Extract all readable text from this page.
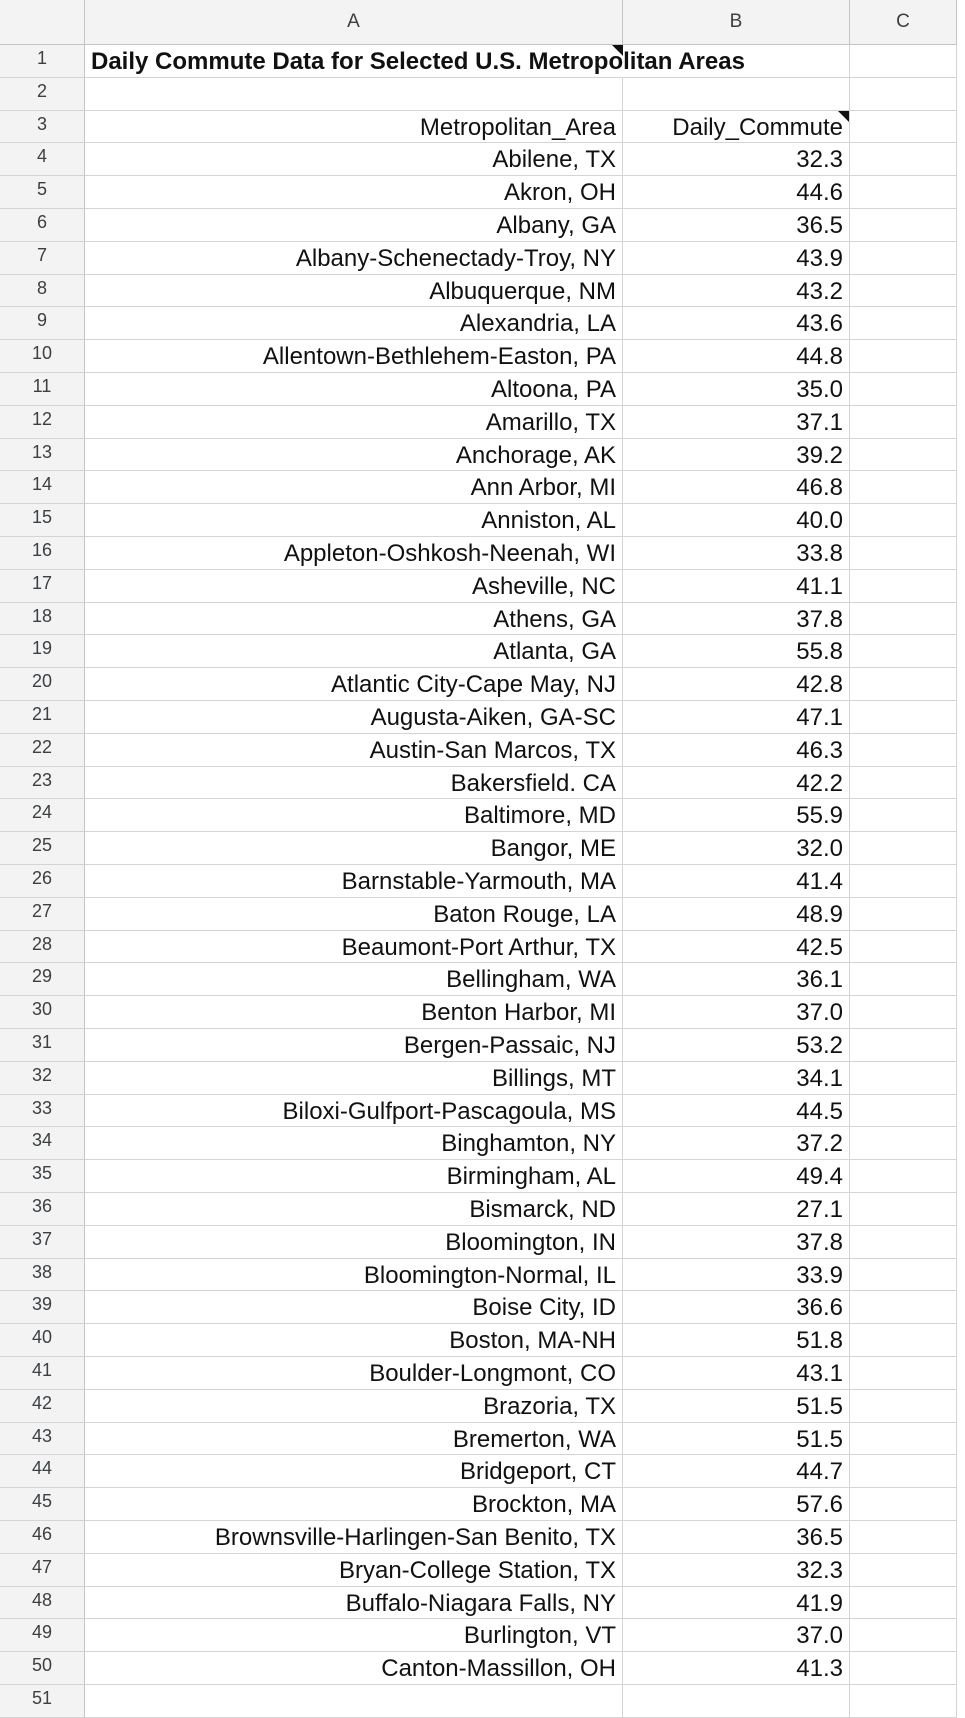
A	B	C
1	Daily Commute Data for Selected U.S. Metropolitan Areas
2
3	Metropolitan_Area	Daily_Commute
4	Abilene, TX	32.3
5	Akron, OH	44.6
6	Albany, GA	36.5
7	Albany-Schenectady-Troy, NY	43.9
8	Albuquerque, NM	43.2
9	Alexandria, LA	43.6
10	Allentown-Bethlehem-Easton, PA	44.8
11	Altoona, PA	35.0
12	Amarillo, TX	37.1
13	Anchorage, AK	39.2
14	Ann Arbor, MI	46.8
15	Anniston, AL	40.0
16	Appleton-Oshkosh-Neenah, WI	33.8
17	Asheville, NC	41.1
18	Athens, GA	37.8
19	Atlanta, GA	55.8
20	Atlantic City-Cape May, NJ	42.8
21	Augusta-Aiken, GA-SC	47.1
22	Austin-San Marcos, TX	46.3
23	Bakersfield. CA	42.2
24	Baltimore, MD	55.9
25	Bangor, ME	32.0
26	Barnstable-Yarmouth, MA	41.4
27	Baton Rouge, LA	48.9
28	Beaumont-Port Arthur, TX	42.5
29	Bellingham, WA	36.1
30	Benton Harbor, MI	37.0
31	Bergen-Passaic, NJ	53.2
32	Billings, MT	34.1
33	Biloxi-Gulfport-Pascagoula, MS	44.5
34	Binghamton, NY	37.2
35	Birmingham, AL	49.4
36	Bismarck, ND	27.1
37	Bloomington, IN	37.8
38	Bloomington-Normal, IL	33.9
39	Boise City, ID	36.6
40	Boston, MA-NH	51.8
41	Boulder-Longmont, CO	43.1
42	Brazoria, TX	51.5
43	Bremerton, WA	51.5
44	Bridgeport, CT	44.7
45	Brockton, MA	57.6
46	Brownsville-Harlingen-San Benito, TX	36.5
47	Bryan-College Station, TX	32.3
48	Buffalo-Niagara Falls, NY	41.9
49	Burlington, VT	37.0
50	Canton-Massillon, OH	41.3
51
